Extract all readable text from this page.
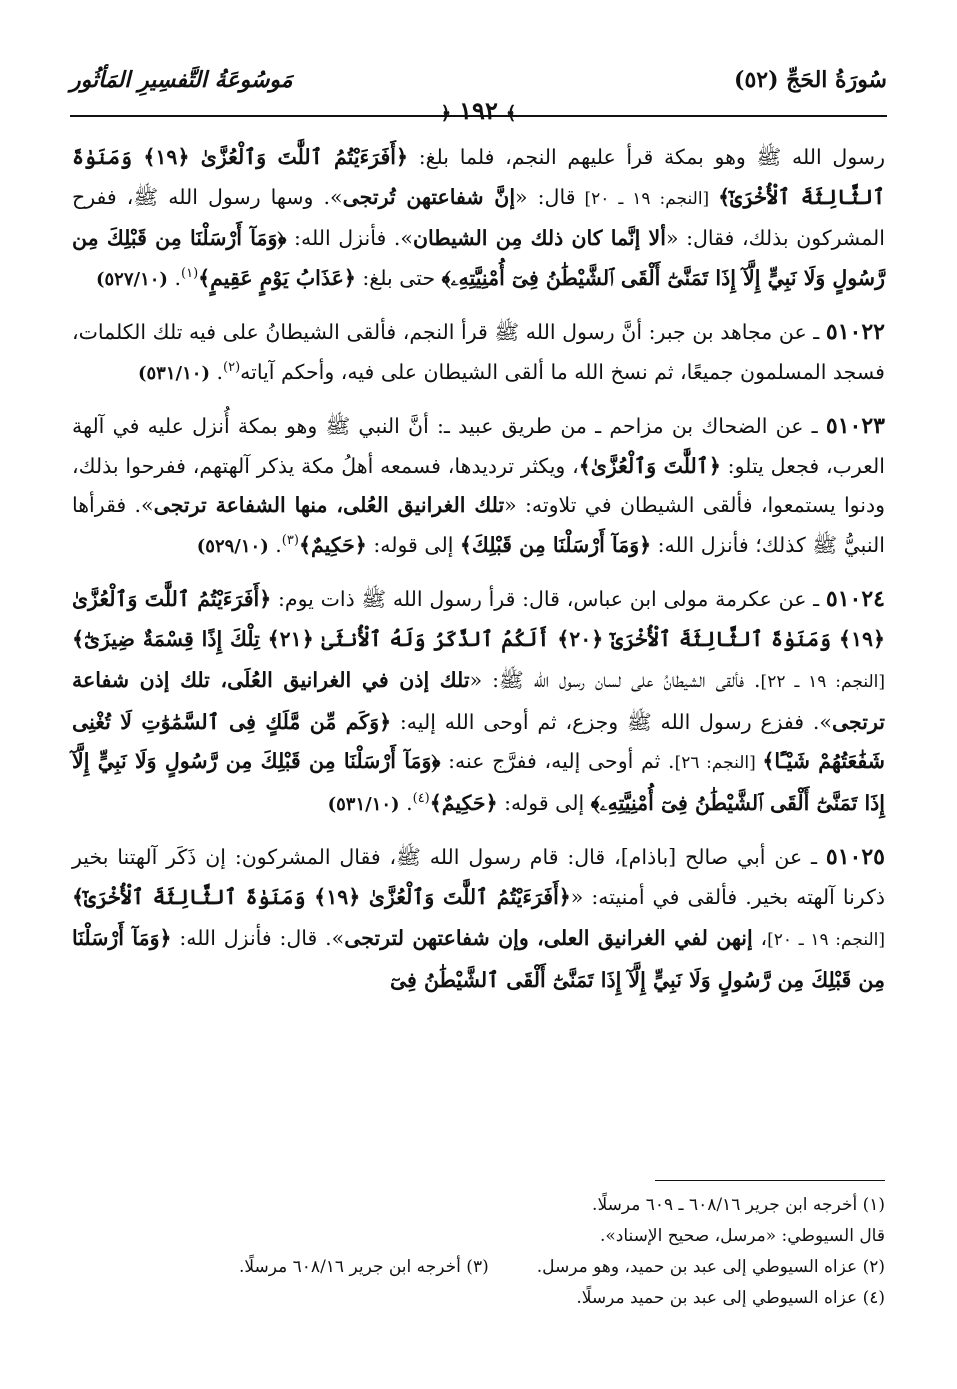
سُورَةُ الحَجِّ (٥٢)
مَوسُوعَةُ التَّفسِيرِ المَأثُور
﴿ ١٩٢ ﴾

رسول الله ﷺ وهو بمكة قرأ عليهم النجم، فلما بلغ: ﴿أَفَرَءَيْتُمُ ٱللَّٰتَ وَٱلْعُزَّىٰ ﴿١٩﴾ وَمَنَوٰةَ ٱلثَّالِثَةَ ٱلْأُخْرَىٰٓ﴾ [النجم: ١٩ ـ ٢٠] قال: «إنَّ شفاعتهن تُرتجى». وسها رسول الله ﷺ، ففرح المشركون بذلك، فقال: «ألا إنَّما كان ذلك مِن الشيطان». فأنزل الله: ﴿وَمَآ أَرْسَلْنَا مِن قَبْلِكَ مِن رَّسُولٍ وَلَا نَبِيٍّ إِلَّآ إِذَا تَمَنَّىٰٓ أَلْقَى ٱلشَّيْطَٰنُ فِىٓ أُمْنِيَّتِهِۦ﴾ حتى بلغ: ﴿عَذَابُ يَوْمٍ عَقِيمٍ﴾$^{(١)}$. (٥٢٧/١٠)

٥١٠٢٢ ـ عن مجاهد بن جبر: أنَّ رسول الله ﷺ قرأ النجم، فألقى الشيطانُ على فيه تلك الكلمات، فسجد المسلمون جميعًا، ثم نسخ الله ما ألقى الشيطان على فيه، وأحكم آياته$^{(٢)}$. (٥٣١/١٠)

٥١٠٢٣ ـ عن الضحاك بن مزاحم ـ من طريق عبيد ـ: أنَّ النبي ﷺ وهو بمكة أُنزل عليه في آلهة العرب، فجعل يتلو: ﴿ٱللَّٰتَ وَٱلْعُزَّىٰ﴾، ويكثر ترديدها، فسمعه أهلُ مكة يذكر آلهتهم، ففرحوا بذلك، ودنوا يستمعوا، فألقى الشيطان في تلاوته: «تلك الغرانيق العُلى، منها الشفاعة ترتجى». فقرأها النبيُّ ﷺ كذلك؛ فأنزل الله: ﴿وَمَآ أَرْسَلْنَا مِن قَبْلِكَ﴾ إلى قوله: ﴿حَكِيمٌ﴾$^{(٣)}$. (٥٢٩/١٠)

٥١٠٢٤ ـ عن عكرمة مولى ابن عباس، قال: قرأ رسول الله ﷺ ذات يوم: ﴿أَفَرَءَيْتُمُ ٱللَّٰتَ وَٱلْعُزَّىٰ ﴿١٩﴾ وَمَنَوٰةَ ٱلثَّالِثَةَ ٱلْأُخْرَىٰٓ ﴿٢٠﴾ أَلَكُمُ ٱلذَّكَرُ وَلَهُ ٱلْأُنثَىٰ ﴿٢١﴾ تِلْكَ إِذًا قِسْمَةٌ ضِيزَىٰٓ﴾ [النجم: ١٩ ـ ٢٢]. فألقى الشيطانُ على لسان رسول الله ﷺ: «تلك إذن في الغرانيق العُلَى، تلك إذن شفاعة ترتجى». ففزع رسول الله ﷺ وجزع، ثم أوحى الله إليه: ﴿وَكَم مِّن مَّلَكٍ فِى ٱلسَّمَٰوَٰتِ لَا تُغْنِى شَفَٰعَتُهُمْ شَيْـًٔا﴾ [النجم: ٢٦]. ثم أوحى إليه، ففرَّج عنه: ﴿وَمَآ أَرْسَلْنَا مِن قَبْلِكَ مِن رَّسُولٍ وَلَا نَبِيٍّ إِلَّآ إِذَا تَمَنَّىٰٓ أَلْقَى ٱلشَّيْطَٰنُ فِىٓ أُمْنِيَّتِهِۦ﴾ إلى قوله: ﴿حَكِيمٌ﴾$^{(٤)}$. (٥٣١/١٠)

٥١٠٢٥ ـ عن أبي صالح [باذام]، قال: قام رسول الله ﷺ، فقال المشركون: إن ذَكَر آلهتنا بخير ذكرنا آلهته بخير. فألقى في أمنيته: «﴿أَفَرَءَيْتُمُ ٱللَّٰتَ وَٱلْعُزَّىٰ ﴿١٩﴾ وَمَنَوٰةَ ٱلثَّالِثَةَ ٱلْأُخْرَىٰٓ﴾ [النجم: ١٩ ـ ٢٠]، إنهن لفي الغرانيق العلى، وإن شفاعتهن لترتجى». قال: فأنزل الله: ﴿وَمَآ أَرْسَلْنَا مِن قَبْلِكَ مِن رَّسُولٍ وَلَا نَبِيٍّ إِلَّآ إِذَا تَمَنَّىٰٓ أَلْقَى ٱلشَّيْطَٰنُ فِىٓ

(١) أخرجه ابن جرير ٦٠٨/١٦ ـ ٦٠٩ مرسلًا.
قال السيوطي: «مرسل، صحيح الإسناد».
(٢) عزاه السيوطي إلى عبد بن حميد، وهو مرسل.
(٣) أخرجه ابن جرير ٦٠٨/١٦ مرسلًا.
(٤) عزاه السيوطي إلى عبد بن حميد مرسلًا.
